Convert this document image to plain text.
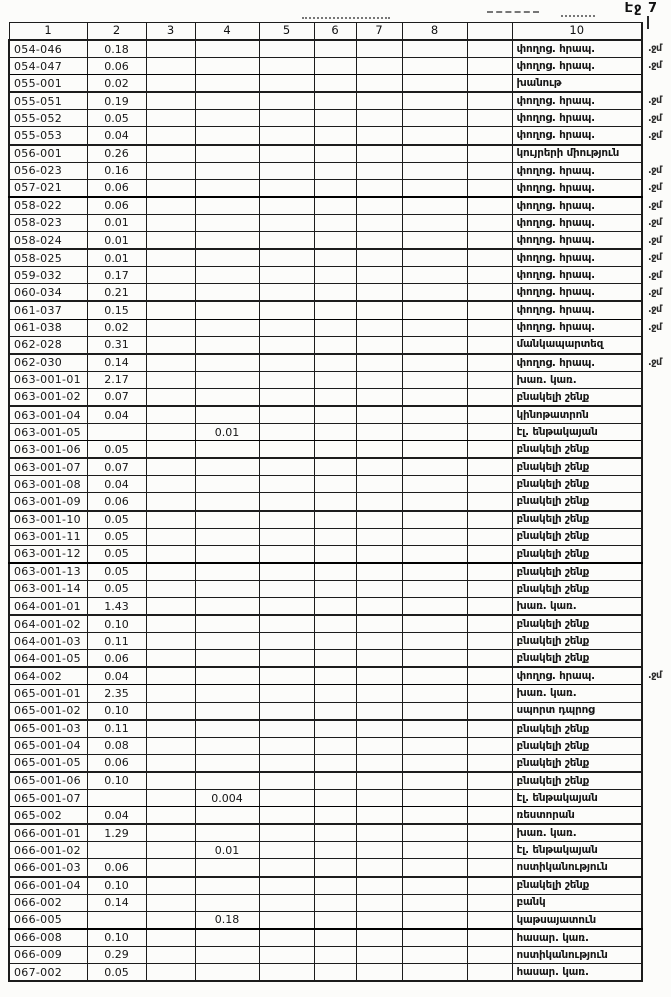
Էջ 7
1	2	3	4	5	6	7	8		10	
054-046	0.18								փողոց. հրապ.	.ջմ
054-047	0.06								փողոց. հրապ.	.ջմ
055-001	0.02								խանութ	
055-051	0.19								փողոց. հրապ.	.ջմ
055-052	0.05								փողոց. հրապ.	.ջմ
055-053	0.04								փողոց. հրապ.	.ջմ
056-001	0.26								կույրերի միություն	
056-023	0.16								փողոց. հրապ.	.ջմ
057-021	0.06								փողոց. հրապ.	.ջմ
058-022	0.06								փողոց. հրապ.	.ջմ
058-023	0.01								փողոց. հրապ.	.ջմ
058-024	0.01								փողոց. հրապ.	.ջմ
058-025	0.01								փողոց. հրապ.	.ջմ
059-032	0.17								փողոց. հրապ.	.ջմ
060-034	0.21								փողոց. հրապ.	.ջմ
061-037	0.15								փողոց. հրապ.	.ջմ
061-038	0.02								փողոց. հրապ.	.ջմ
062-028	0.31								մանկապարտեզ	
062-030	0.14								փողոց. հրապ.	.ջմ
063-001-01	2.17								խառ. կառ.	
063-001-02	0.07								բնակելի շենք	
063-001-04	0.04								կինոթատրոն	
063-001-05			0.01						էլ. ենթակայան	
063-001-06	0.05								բնակելի շենք	
063-001-07	0.07								բնակելի շենք	
063-001-08	0.04								բնակելի շենք	
063-001-09	0.06								բնակելի շենք	
063-001-10	0.05								բնակելի շենք	
063-001-11	0.05								բնակելի շենք	
063-001-12	0.05								բնակելի շենք	
063-001-13	0.05								բնակելի շենք	
063-001-14	0.05								բնակելի շենք	
064-001-01	1.43								խառ. կառ.	
064-001-02	0.10								բնակելի շենք	
064-001-03	0.11								բնակելի շենք	
064-001-05	0.06								բնակելի շենք	
064-002	0.04								փողոց. հրապ.	.ջմ
065-001-01	2.35								խառ. կառ.	
065-001-02	0.10								սպորտ դպրոց	
065-001-03	0.11								բնակելի շենք	
065-001-04	0.08								բնակելի շենք	
065-001-05	0.06								բնակելի շենք	
065-001-06	0.10								բնակելի շենք	
065-001-07			0.004						էլ. ենթակայան	
065-002	0.04								ռեստորան	
066-001-01	1.29								խառ. կառ.	
066-001-02			0.01						էլ. ենթակայան	
066-001-03	0.06								ոստիկանություն	
066-001-04	0.10								բնակելի շենք	
066-002	0.14								բանկ	
066-005			0.18						կաթսայատուն	
066-008	0.10								հասար. կառ.	
066-009	0.29								ոստիկանություն	
067-002	0.05								հասար. կառ.	
